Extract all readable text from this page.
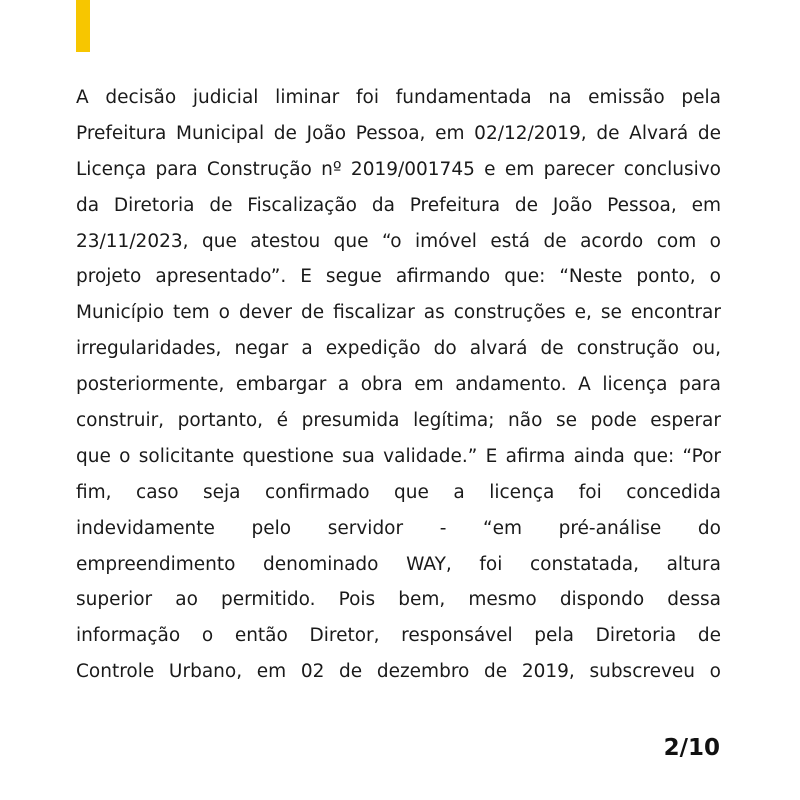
A decisão judicial liminar foi fundamentada na emissão pela
Prefeitura Municipal de João Pessoa, em 02/12/2019, de Alvará de
Licença para Construção nº 2019/001745 e em parecer conclusivo
da Diretoria de Fiscalização da Prefeitura de João Pessoa, em
23/11/2023, que atestou que “o imóvel está de acordo com o
projeto apresentado”. E segue afirmando que: “Neste ponto, o
Município tem o dever de fiscalizar as construções e, se encontrar
irregularidades, negar a expedição do alvará de construção ou,
posteriormente, embargar a obra em andamento. A licença para
construir, portanto, é presumida legítima; não se pode esperar
que o solicitante questione sua validade.” E afirma ainda que: “Por
fim, caso seja confirmado que a licença foi concedida
indevidamente pelo servidor - “em pré-análise do
empreendimento denominado WAY, foi constatada, altura
superior ao permitido. Pois bem, mesmo dispondo dessa
informação o então Diretor, responsável pela Diretoria de
Controle Urbano, em 02 de dezembro de 2019, subscreveu o
2/10
